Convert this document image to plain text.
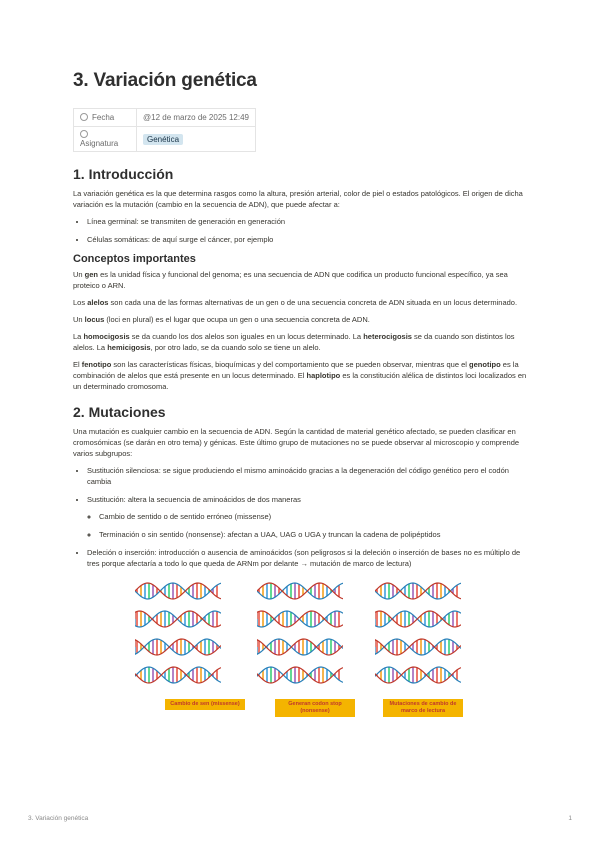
3. Variación genética
Fecha	@12 de marzo de 2025 12:49
Asignatura	Genética
1. Introducción

La variación genética es la que determina rasgos como la altura, presión arterial, color de piel o estados patológicos. El origen de dicha variación es la mutación (cambio en la secuencia de ADN), que puede afectar a:

• Línea germinal: se transmiten de generación en generación
• Células somáticas: de aquí surge el cáncer, por ejemplo
Conceptos importantes

Un gen es la unidad física y funcional del genoma; es una secuencia de ADN que codifica un producto funcional específico, ya sea proteico o ARN.

Los alelos son cada una de las formas alternativas de un gen o de una secuencia concreta de ADN situada en un locus determinado.

Un locus (loci en plural) es el lugar que ocupa un gen o una secuencia concreta de ADN.

La homocigosis se da cuando los dos alelos son iguales en un locus determinado. La heterocigosis se da cuando son distintos los alelos. La hemicigosis, por otro lado, se da cuando solo se tiene un alelo.

El fenotipo son las características físicas, bioquímicas y del comportamiento que se pueden observar, mientras que el genotipo es la combinación de alelos que está presente en un locus determinado. El haplotipo es la constitución alélica de distintos loci localizados en un determinado cromosoma.

2. Mutaciones

Una mutación es cualquier cambio en la secuencia de ADN. Según la cantidad de material genético afectado, se pueden clasificar en cromosómicas (se darán en otro tema) y génicas. Este último grupo de mutaciones no se puede observar al microscopio y comprende varios subgrupos:

• Sustitución silenciosa: se sigue produciendo el mismo aminoácido gracias a la degeneración del código genético pero el codón cambia
• Sustitución: altera la secuencia de aminoácidos de dos maneras
◦ Cambio de sentido o de sentido erróneo (missense)
◦ Terminación o sin sentido (nonsense): afectan a UAA, UAG o UGA y truncan la cadena de polipéptidos
• Deleción o inserción: introducción o ausencia de aminoácidos (son peligrosos si la deleción o inserción de bases no es múltiplo de tres porque afectaría a todo lo que queda de ARNm por delante → mutación de marco de lectura)
Cambio de sen (missense)	Generan codon stop (nonsense)
Mutaciones de cambio de marco de lectura
3. Variación genética	1
